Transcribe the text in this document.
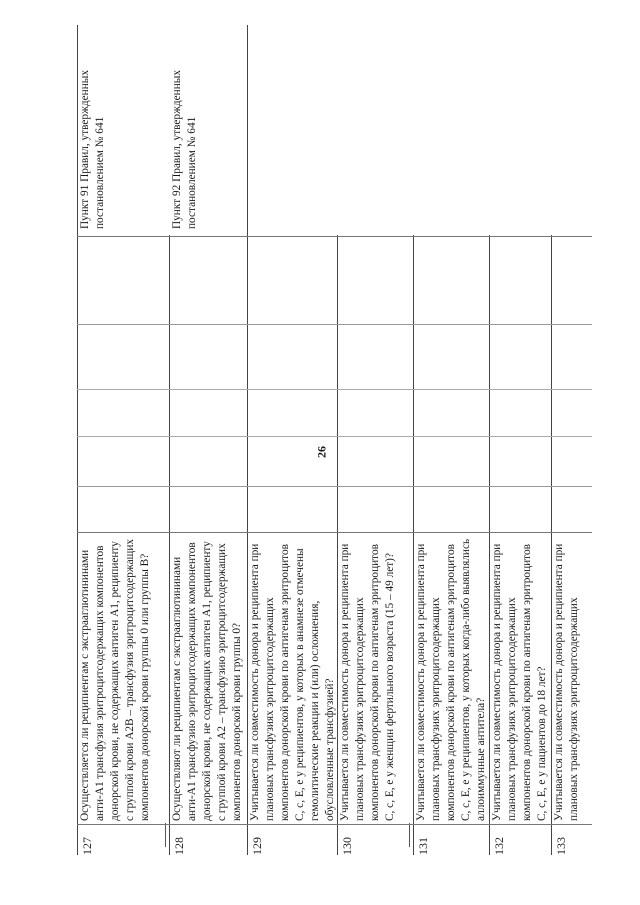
26
127
Осуществляется ли реципиентам с экстрааглютининами анти-А1 трансфузия эритроцитсодержащих компонентов донорской крови, не содержащих антиген А1, реципиенту с группой крови А2В – трансфузия эритроцитсодержащих компонентов донорской крови группы 0 или группы В?
Пункт 91 Правил, утвержденных постановлением № 641
128
Осуществляют ли реципиентам с экстрааглютининами анти-А1 трансфузию эритроцитсодержащих компонентов донорской крови, не содержащих антиген А1, реципиенту с группой крови А2 – трансфузию эритроцитсодержащих компонентов донорской крови группы 0?
Пункт 92 Правил, утвержденных постановлением № 641
129
Учитывается ли совместимость донора и реципиента при плановых трансфузиях эритроцитсодержащих компонентов донорской крови по антигенам эритроцитов С, с, Е, е у реципиентов, у которых в анамнезе отмечены гемолитические реакции и (или) осложнения, обусловленные трансфузией?
130
Учитывается ли совместимость донора и реципиента при плановых трансфузиях эритроцитсодержащих компонентов донорской крови по антигенам эритроцитов С, с, Е, е у женщин фертильного возраста (15 – 49 лет)?
131
Учитывается ли совместимость донора и реципиента при плановых трансфузиях эритроцитсодержащих компонентов донорской крови по антигенам эритроцитов С, с, Е, е у реципиентов, у которых когда-либо выявлялись аллоиммунные антитела?
132
Учитывается ли совместимость донора и реципиента при плановых трансфузиях эритроцитсодержащих компонентов донорской крови по антигенам эритроцитов С, с, Е, е у пациентов до 18 лет?
133
Учитывается ли совместимость донора и реципиента при плановых трансфузиях эритроцитсодержащих
